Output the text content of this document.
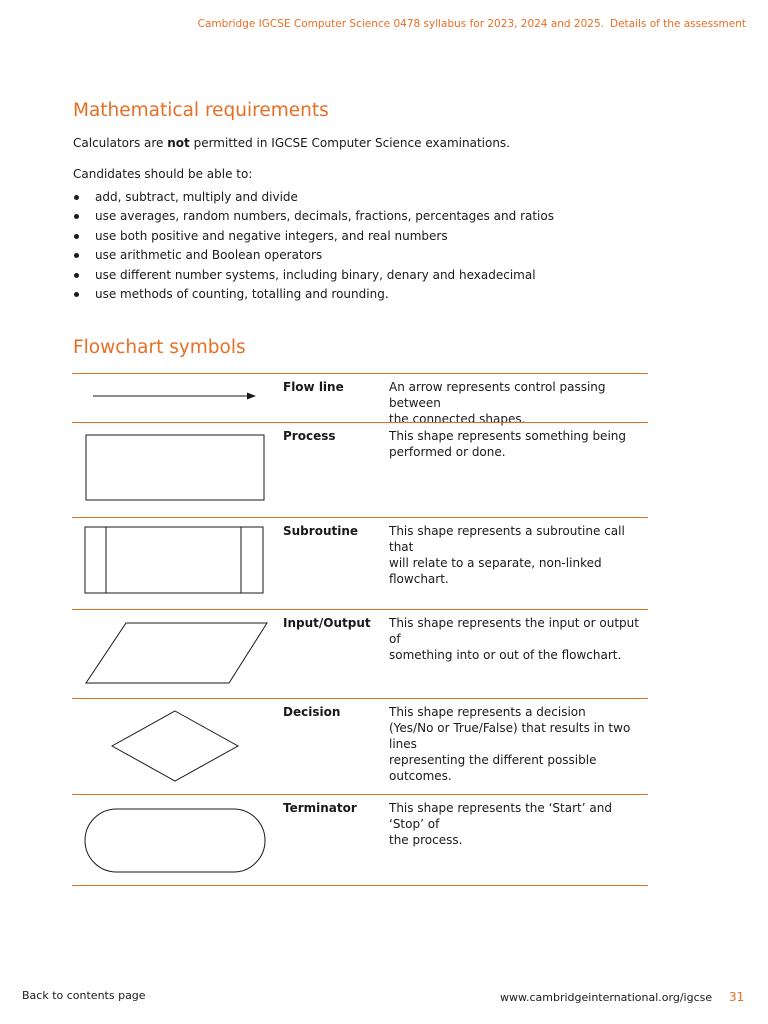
Cambridge IGCSE Computer Science 0478 syllabus for 2023, 2024 and 2025. Details of the assessment
Mathematical requirements

Calculators are not permitted in IGCSE Computer Science examinations.

Candidates should be able to:

add, subtract, multiply and divide
use averages, random numbers, decimals, fractions, percentages and ratios
use both positive and negative integers, and real numbers
use arithmetic and Boolean operators
use different number systems, including binary, denary and hexadecimal
use methods of counting, totalling and rounding.
Flowchart symbols
Flow line	An arrow represents control passing between
the connected shapes.
Process	This shape represents something being
performed or done.
Subroutine	This shape represents a subroutine call that
will relate to a separate, non-linked flowchart.
Input/Output This shape represents the input or output of
something into or out of the flowchart.
Decision	This shape represents a decision
(Yes/No or True/False) that results in two lines
representing the different possible outcomes.
Terminator	This shape represents the ‘Start’ and ‘Stop’ of
the process.
Back to contents page	www.cambridgeinternational.org/igcse 31
